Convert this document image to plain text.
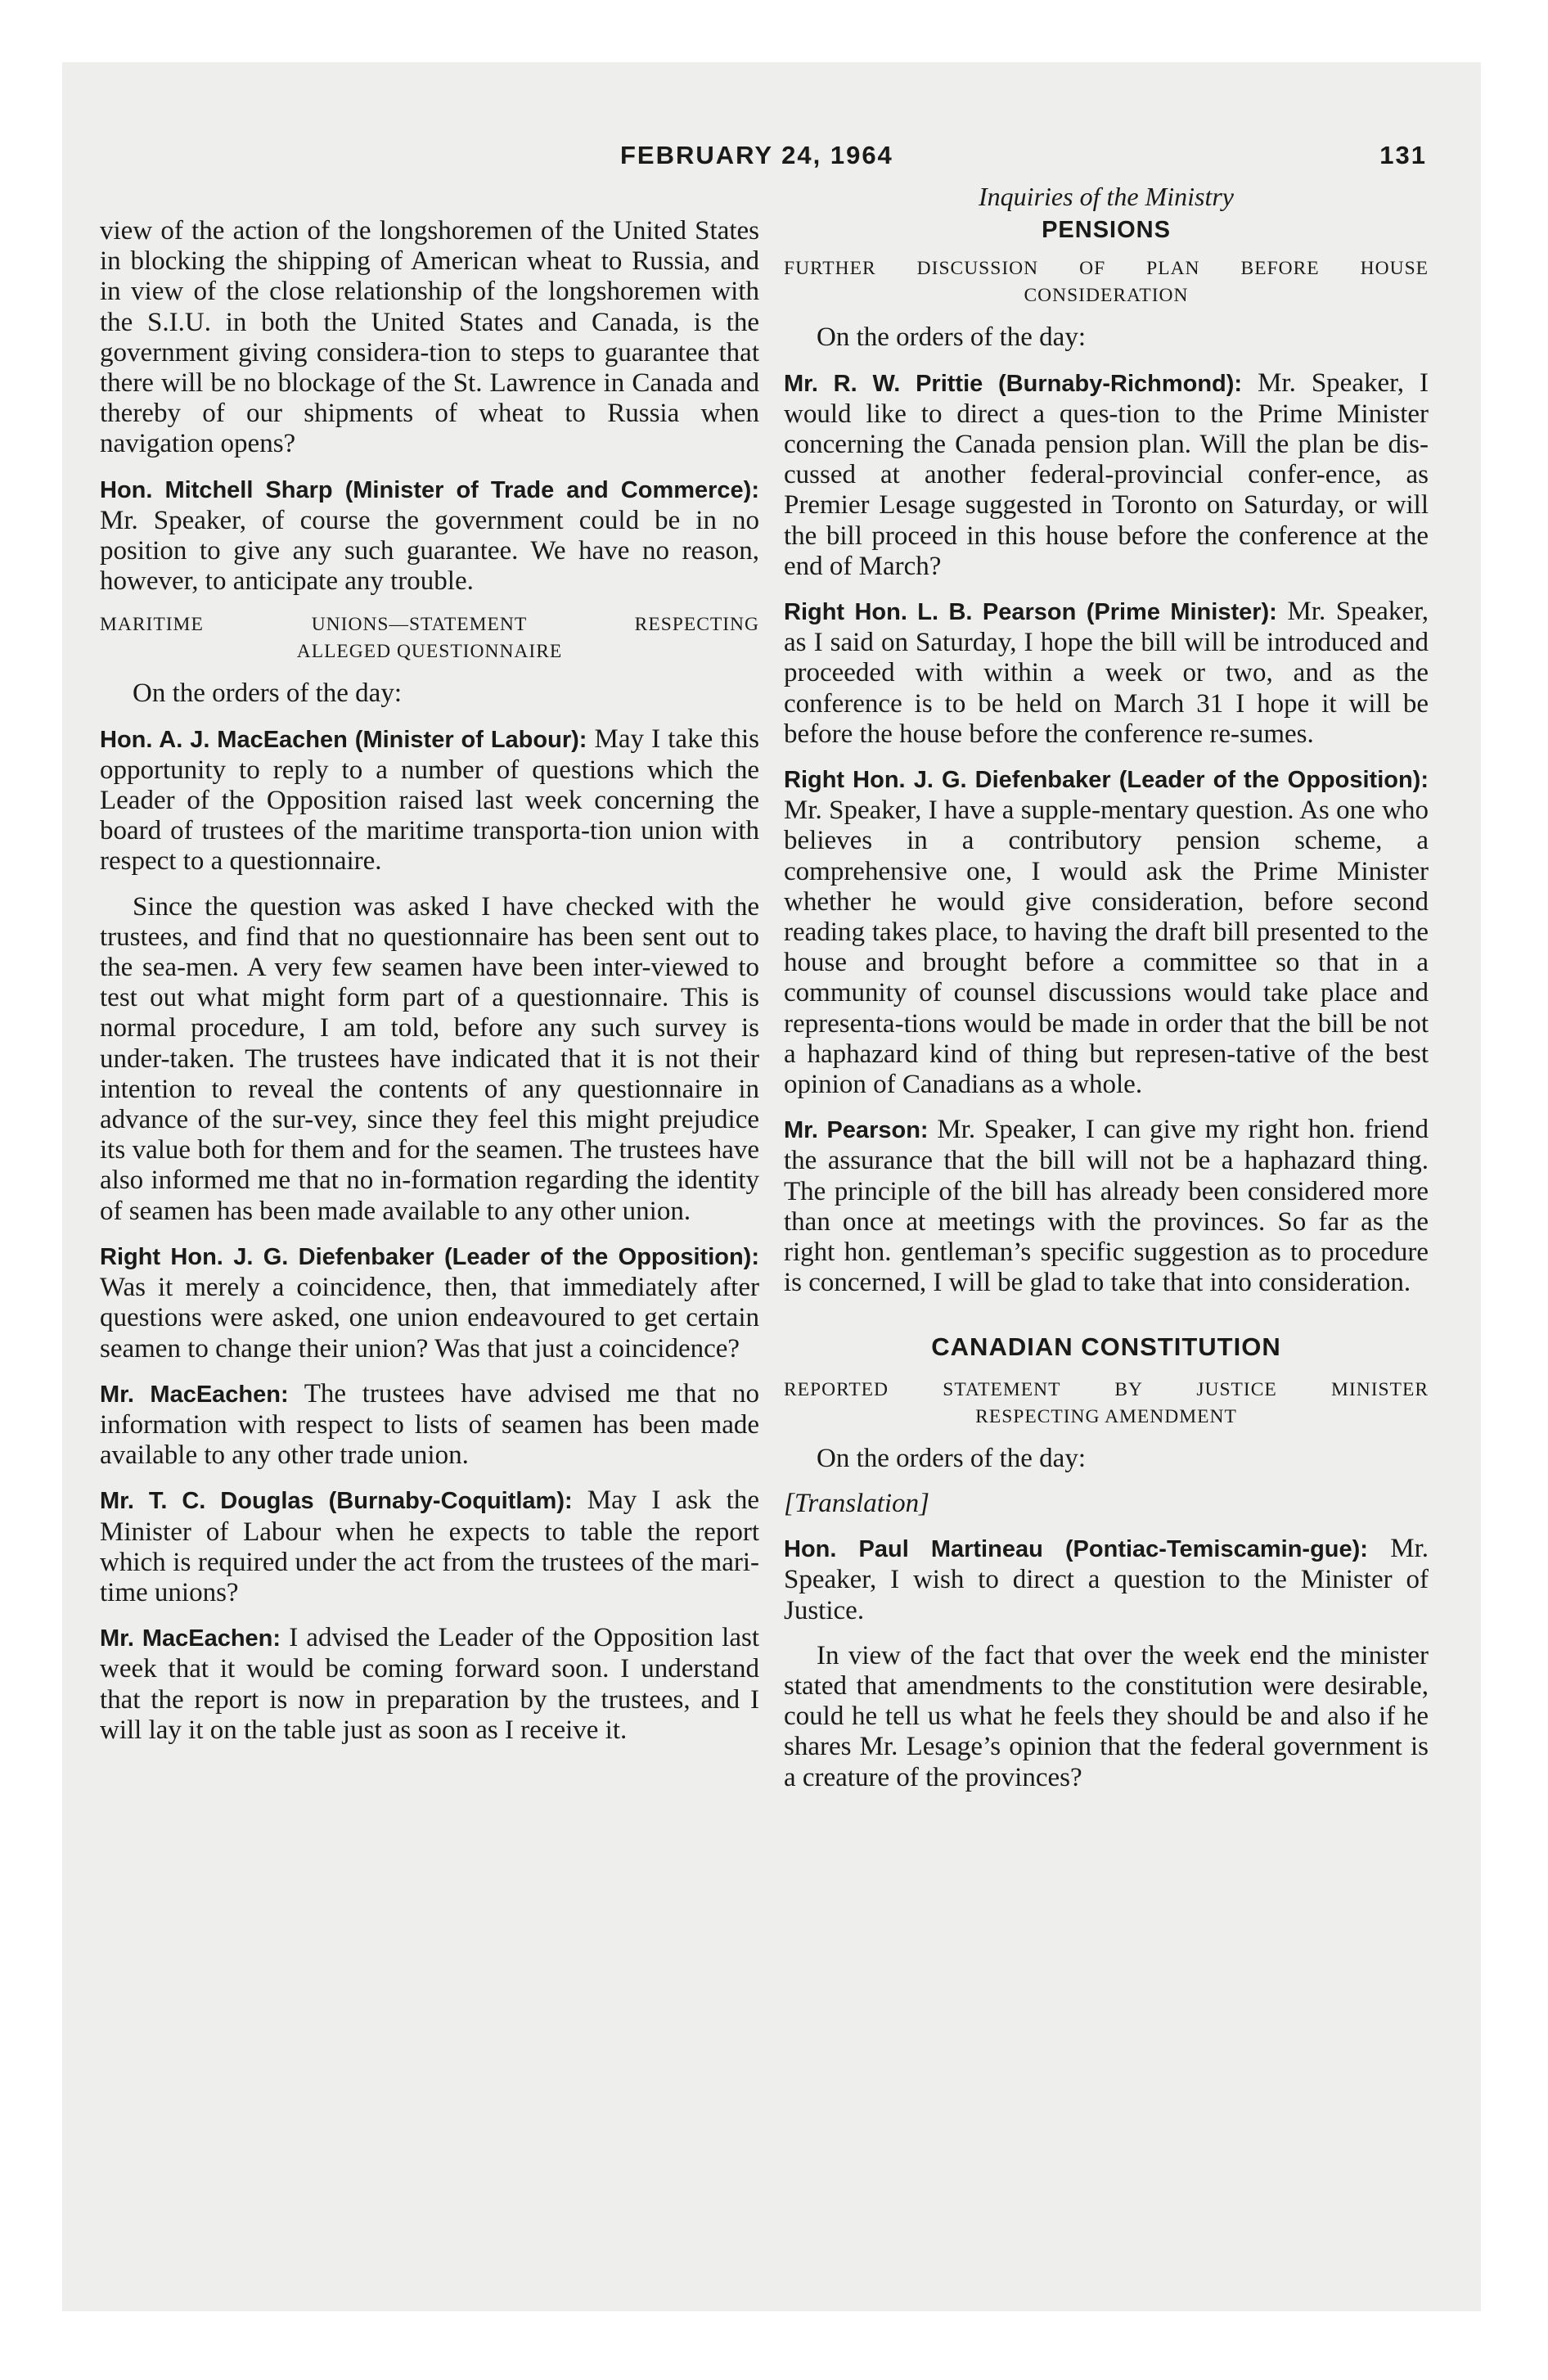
FEBRUARY 24, 1964	131

view of the action of the longshoremen of the United States in blocking the shipping of American wheat to Russia, and in view of the close relationship of the longshoremen with the S.I.U. in both the United States and Canada, is the government giving considera-tion to steps to guarantee that there will be no blockage of the St. Lawrence in Canada and thereby of our shipments of wheat to Russia when navigation opens?

Hon. Mitchell Sharp (Minister of Trade and Commerce): Mr. Speaker, of course the government could be in no position to give any such guarantee. We have no reason, however, to anticipate any trouble.

MARITIME UNIONS—STATEMENT RESPECTING
ALLEGED QUESTIONNAIRE

On the orders of the day:

Hon. A. J. MacEachen (Minister of Labour): May I take this opportunity to reply to a number of questions which the Leader of the Opposition raised last week concerning the board of trustees of the maritime transporta-tion union with respect to a questionnaire.

Since the question was asked I have checked with the trustees, and find that no questionnaire has been sent out to the sea-men. A very few seamen have been inter-viewed to test out what might form part of a questionnaire. This is normal procedure, I am told, before any such survey is under-taken. The trustees have indicated that it is not their intention to reveal the contents of any questionnaire in advance of the sur-vey, since they feel this might prejudice its value both for them and for the seamen. The trustees have also informed me that no in-formation regarding the identity of seamen has been made available to any other union.

Right Hon. J. G. Diefenbaker (Leader of the Opposition): Was it merely a coincidence, then, that immediately after questions were asked, one union endeavoured to get certain seamen to change their union? Was that just a coincidence?

Mr. MacEachen: The trustees have advised me that no information with respect to lists of seamen has been made available to any other trade union.

Mr. T. C. Douglas (Burnaby-Coquitlam): May I ask the Minister of Labour when he expects to table the report which is required under the act from the trustees of the mari-time unions?

Mr. MacEachen: I advised the Leader of the Opposition last week that it would be coming forward soon. I understand that the report is now in preparation by the trustees, and I will lay it on the table just as soon as I receive it.

Inquiries of the Ministry
PENSIONS
FURTHER DISCUSSION OF PLAN BEFORE HOUSE
CONSIDERATION

On the orders of the day:

Mr. R. W. Prittie (Burnaby-Richmond): Mr. Speaker, I would like to direct a ques-tion to the Prime Minister concerning the Canada pension plan. Will the plan be dis-cussed at another federal-provincial confer-ence, as Premier Lesage suggested in Toronto on Saturday, or will the bill proceed in this house before the conference at the end of March?

Right Hon. L. B. Pearson (Prime Minister): Mr. Speaker, as I said on Saturday, I hope the bill will be introduced and proceeded with within a week or two, and as the conference is to be held on March 31 I hope it will be before the house before the conference re-sumes.

Right Hon. J. G. Diefenbaker (Leader of the Opposition): Mr. Speaker, I have a supple-mentary question. As one who believes in a contributory pension scheme, a comprehensive one, I would ask the Prime Minister whether he would give consideration, before second reading takes place, to having the draft bill presented to the house and brought before a committee so that in a community of counsel discussions would take place and representa-tions would be made in order that the bill be not a haphazard kind of thing but represen-tative of the best opinion of Canadians as a whole.

Mr. Pearson: Mr. Speaker, I can give my right hon. friend the assurance that the bill will not be a haphazard thing. The principle of the bill has already been considered more than once at meetings with the provinces. So far as the right hon. gentleman’s specific suggestion as to procedure is concerned, I will be glad to take that into consideration.

CANADIAN CONSTITUTION
REPORTED STATEMENT BY JUSTICE MINISTER
RESPECTING AMENDMENT

On the orders of the day:

[Translation]

Hon. Paul Martineau (Pontiac-Temiscamin-gue): Mr. Speaker, I wish to direct a question to the Minister of Justice.

In view of the fact that over the week end the minister stated that amendments to the constitution were desirable, could he tell us what he feels they should be and also if he shares Mr. Lesage’s opinion that the federal government is a creature of the provinces?
